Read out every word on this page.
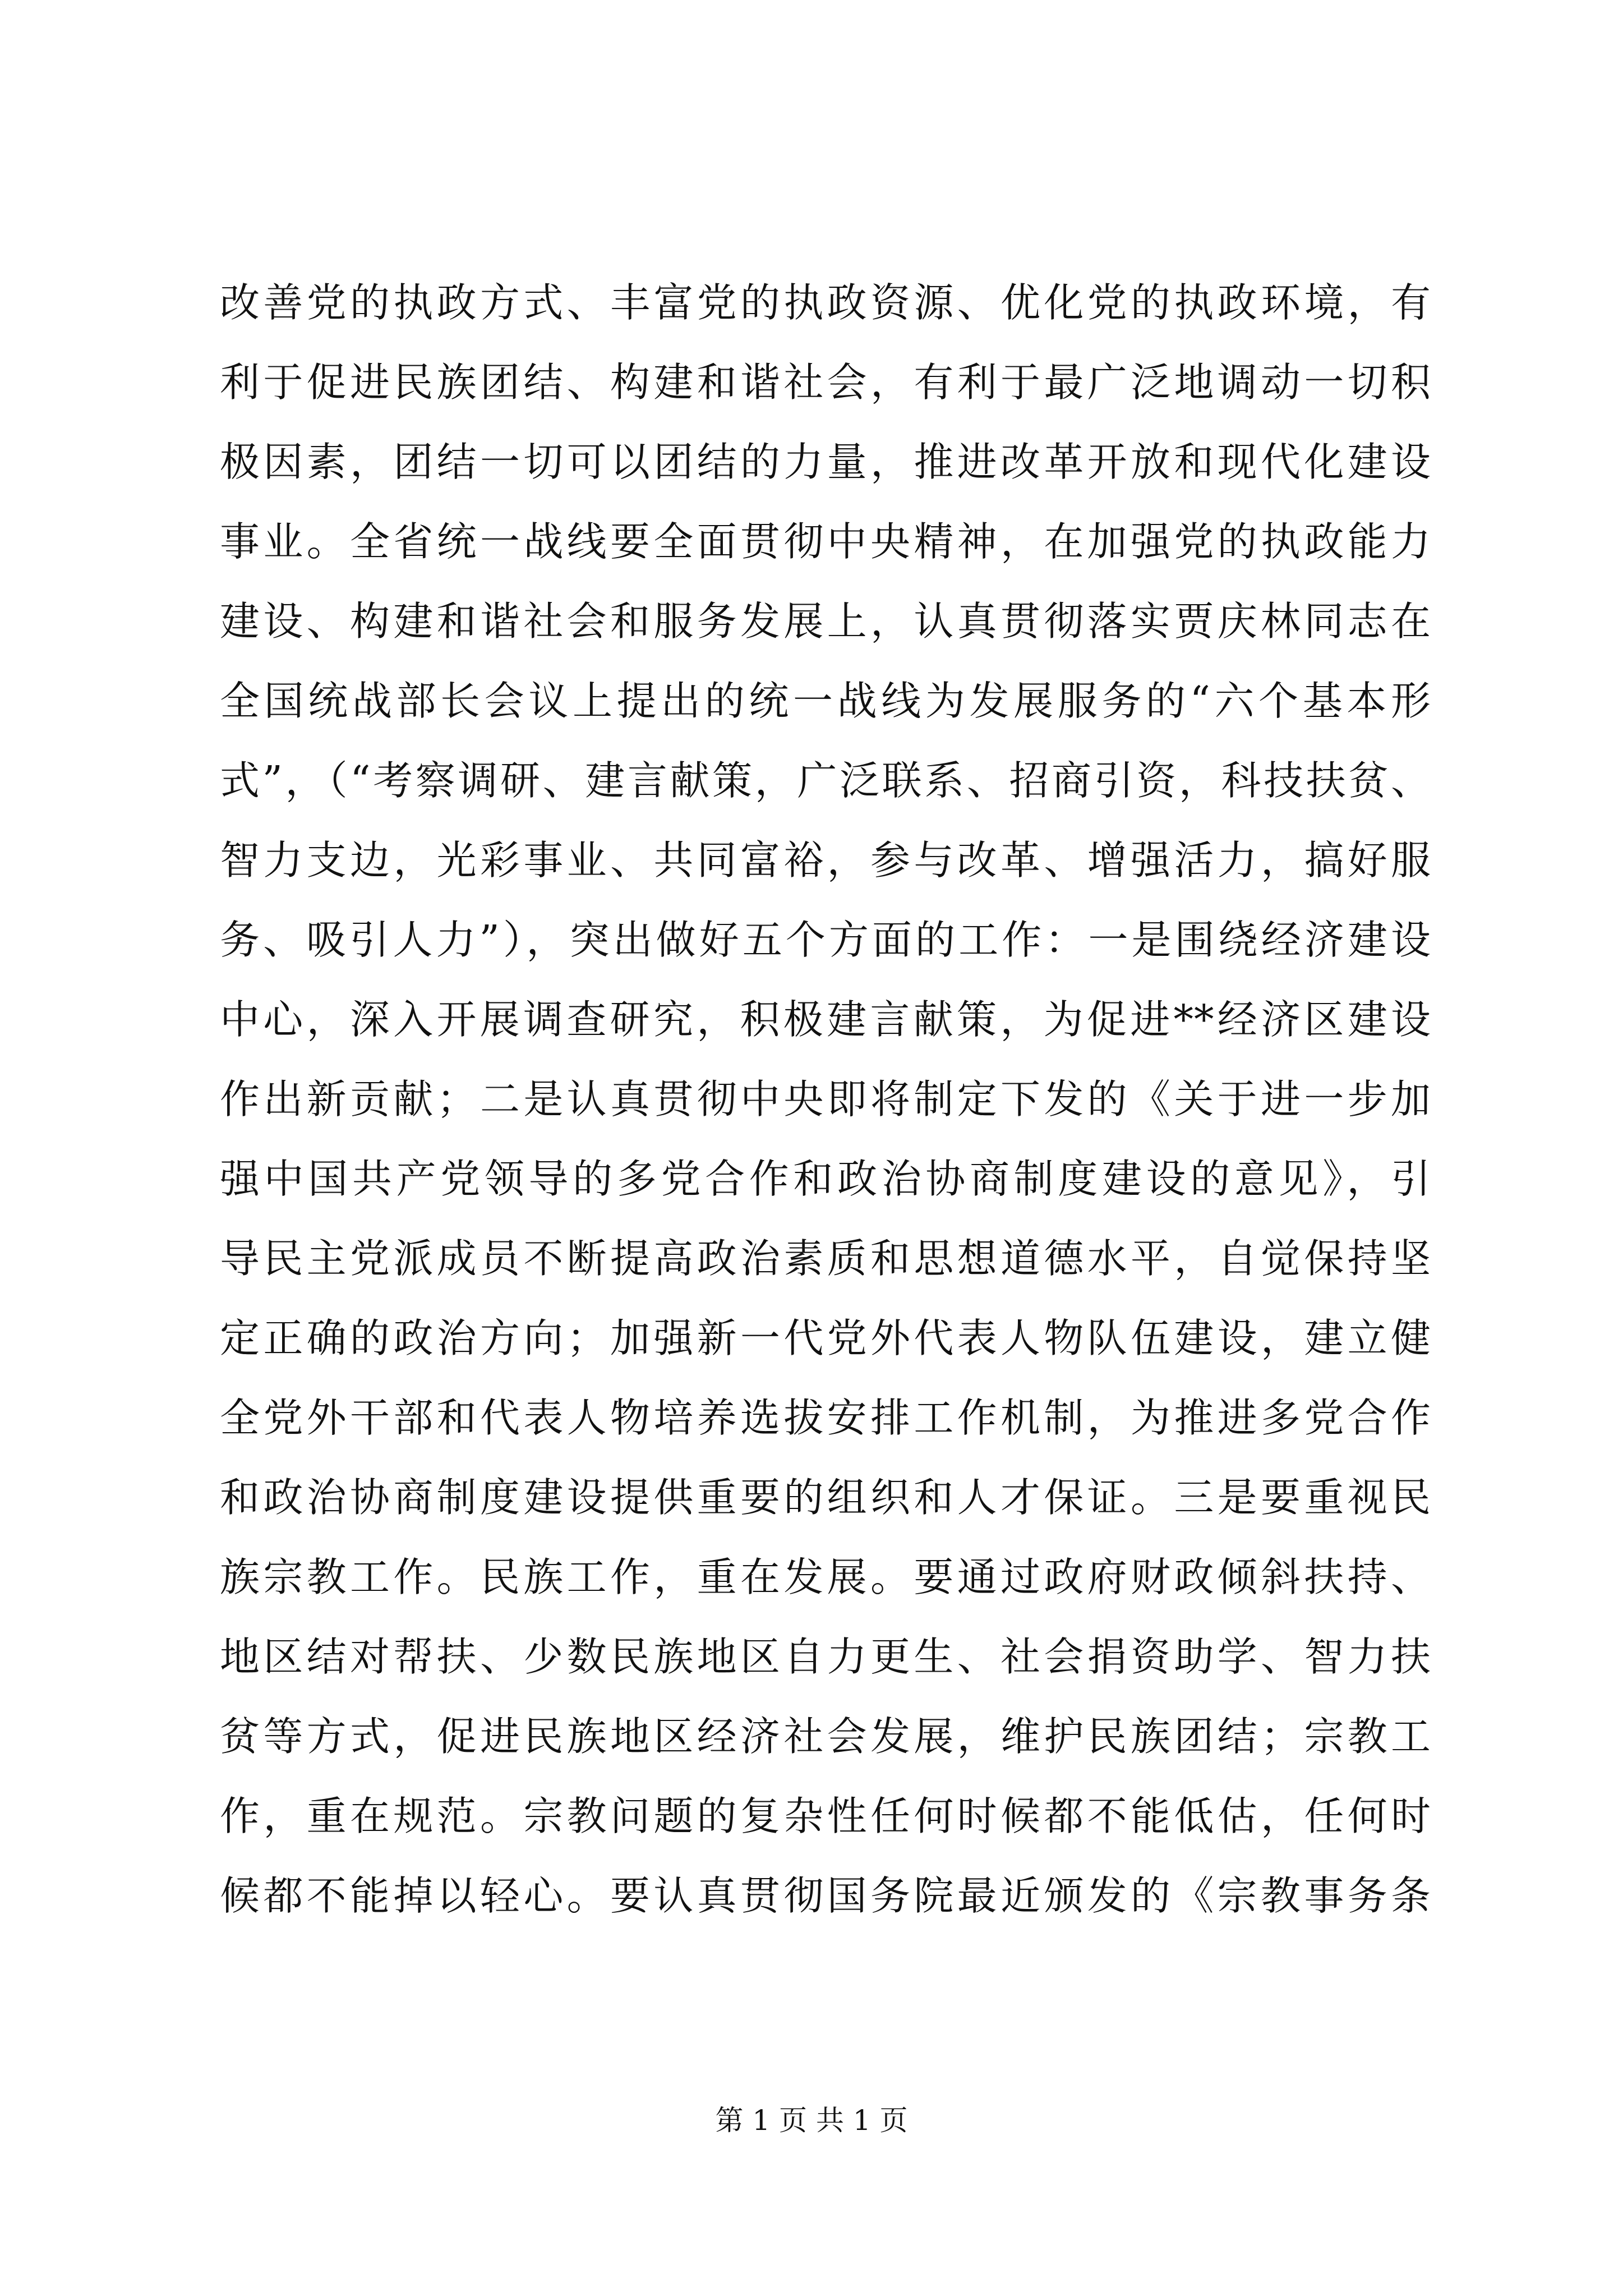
改善党的执政方式、丰富党的执政资源、优化党的执政环境，有
利于促进民族团结、构建和谐社会，有利于最广泛地调动一切积
极因素，团结一切可以团结的力量，推进改革开放和现代化建设
事业。全省统一战线要全面贯彻中央精神，在加强党的执政能力
建设、构建和谐社会和服务发展上，认真贯彻落实贾庆林同志在
全国统战部长会议上提出的统一战线为发展服务的“六个基本形
式”，（“考察调研、建言献策，广泛联系、招商引资，科技扶贫、
智力支边，光彩事业、共同富裕，参与改革、增强活力，搞好服
务、吸引人力”），突出做好五个方面的工作：一是围绕经济建设
中心，深入开展调查研究，积极建言献策，为促进**经济区建设
作出新贡献；二是认真贯彻中央即将制定下发的《关于进一步加
强中国共产党领导的多党合作和政治协商制度建设的意见》，引
导民主党派成员不断提高政治素质和思想道德水平，自觉保持坚
定正确的政治方向；加强新一代党外代表人物队伍建设，建立健
全党外干部和代表人物培养选拔安排工作机制，为推进多党合作
和政治协商制度建设提供重要的组织和人才保证。三是要重视民
族宗教工作。民族工作，重在发展。要通过政府财政倾斜扶持、
地区结对帮扶、少数民族地区自力更生、社会捐资助学、智力扶
贫等方式，促进民族地区经济社会发展，维护民族团结；宗教工
作，重在规范。宗教问题的复杂性任何时候都不能低估，任何时
候都不能掉以轻心。要认真贯彻国务院最近颁发的《宗教事务条
第 1 页 共 1 页
